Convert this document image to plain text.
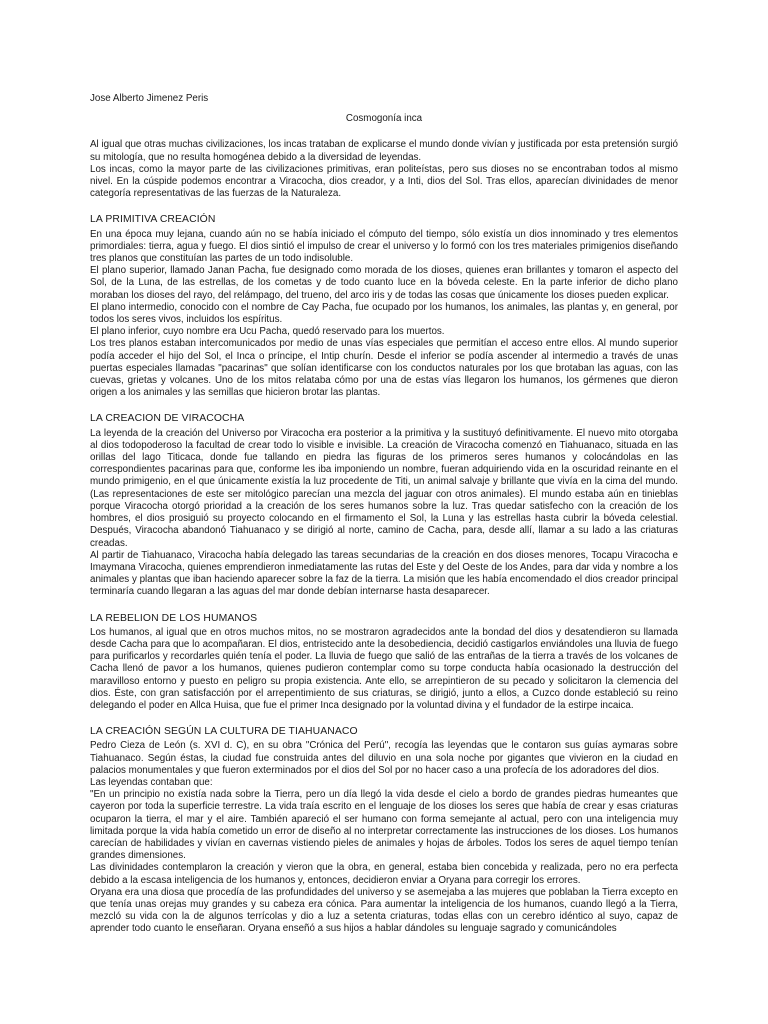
Jose Alberto Jimenez Peris

Cosmogonía inca

Al igual que otras muchas civilizaciones, los incas trataban de explicarse el mundo donde vivían y justificada por esta pretensión surgió su mitología, que no resulta homogénea debido a la diversidad de leyendas.

Los incas, como la mayor parte de las civilizaciones primitivas, eran politeístas, pero sus dioses no se encontraban todos al mismo nivel. En la cúspide podemos encontrar a Viracocha, dios creador, y a Inti, dios del Sol. Tras ellos, aparecían divinidades de menor categoría representativas de las fuerzas de la Naturaleza.

LA PRIMITIVA CREACIÓN

En una época muy lejana, cuando aún no se había iniciado el cómputo del tiempo, sólo existía un dios innominado y tres elementos primordiales: tierra, agua y fuego. El dios sintió el impulso de crear el universo y lo formó con los tres materiales primigenios diseñando tres planos que constituían las partes de un todo indisoluble.

El plano superior, llamado Janan Pacha, fue designado como morada de los dioses, quienes eran brillantes y tomaron el aspecto del Sol, de la Luna, de las estrellas, de los cometas y de todo cuanto luce en la bóveda celeste. En la parte inferior de dicho plano moraban los dioses del rayo, del relámpago, del trueno, del arco iris y de todas las cosas que únicamente los dioses pueden explicar.

El plano intermedio, conocido con el nombre de Cay Pacha, fue ocupado por los humanos, los animales, las plantas y, en general, por todos los seres vivos, incluidos los espíritus.

El plano inferior, cuyo nombre era Ucu Pacha, quedó reservado para los muertos.

Los tres planos estaban intercomunicados por medio de unas vías especiales que permitían el acceso entre ellos. Al mundo superior podía acceder el hijo del Sol, el Inca o príncipe, el Intip churín. Desde el inferior se podía ascender al intermedio a través de unas puertas especiales llamadas "pacarinas" que solían identificarse con los conductos naturales por los que brotaban las aguas, con las cuevas, grietas y volcanes. Uno de los mitos relataba cómo por una de estas vías llegaron los humanos, los gérmenes que dieron origen a los animales y las semillas que hicieron brotar las plantas.

LA CREACION DE VIRACOCHA

La leyenda de la creación del Universo por Viracocha era posterior a la primitiva y la sustituyó definitivamente. El nuevo mito otorgaba al dios todopoderoso la facultad de crear todo lo visible e invisible. La creación de Viracocha comenzó en Tiahuanaco, situada en las orillas del lago Titicaca, donde fue tallando en piedra las figuras de los primeros seres humanos y colocándolas en las correspondientes pacarinas para que, conforme les iba imponiendo un nombre, fueran adquiriendo vida en la oscuridad reinante en el mundo primigenio, en el que únicamente existía la luz procedente de Titi, un animal salvaje y brillante que vivía en la cima del mundo. (Las representaciones de este ser mitológico parecían una mezcla del jaguar con otros animales). El mundo estaba aún en tinieblas porque Viracocha otorgó prioridad a la creación de los seres humanos sobre la luz. Tras quedar satisfecho con la creación de los hombres, el dios prosiguió su proyecto colocando en el firmamento el Sol, la Luna y las estrellas hasta cubrir la bóveda celestial. Después, Viracocha abandonó Tiahuanaco y se dirigió al norte, camino de Cacha, para, desde allí, llamar a su lado a las criaturas creadas.

Al partir de Tiahuanaco, Viracocha había delegado las tareas secundarias de la creación en dos dioses menores, Tocapu Viracocha e Imaymana Viracocha, quienes emprendieron inmediatamente las rutas del Este y del Oeste de los Andes, para dar vida y nombre a los animales y plantas que iban haciendo aparecer sobre la faz de la tierra. La misión que les había encomendado el dios creador principal terminaría cuando llegaran a las aguas del mar donde debían internarse hasta desaparecer.

LA REBELION DE LOS HUMANOS

Los humanos, al igual que en otros muchos mitos, no se mostraron agradecidos ante la bondad del dios y desatendieron su llamada desde Cacha para que lo acompañaran. El dios, entristecido ante la desobediencia, decidió castigarlos enviándoles una lluvia de fuego para purificarlos y recordarles quién tenía el poder. La lluvia de fuego que salió de las entrañas de la tierra a través de los volcanes de Cacha llenó de pavor a los humanos, quienes pudieron contemplar como su torpe conducta había ocasionado la destrucción del maravilloso entorno y puesto en peligro su propia existencia. Ante ello, se arrepintieron de su pecado y solicitaron la clemencia del dios. Éste, con gran satisfacción por el arrepentimiento de sus criaturas, se dirigió, junto a ellos, a Cuzco donde estableció su reino delegando el poder en Allca Huisa, que fue el primer Inca designado por la voluntad divina y el fundador de la estirpe incaica.

LA CREACIÓN SEGÚN LA CULTURA DE TIAHUANACO

Pedro Cieza de León (s. XVI d. C), en su obra "Crónica del Perú", recogía las leyendas que le contaron sus guías aymaras sobre Tiahuanaco. Según éstas, la ciudad fue construida antes del diluvio en una sola noche por gigantes que vivieron en la ciudad en palacios monumentales y que fueron exterminados por el dios del Sol por no hacer caso a una profecía de los adoradores del dios.

Las leyendas contaban que:

"En un principio no existía nada sobre la Tierra, pero un día llegó la vida desde el cielo a bordo de grandes piedras humeantes que cayeron por toda la superficie terrestre. La vida traía escrito en el lenguaje de los dioses los seres que había de crear y esas criaturas ocuparon la tierra, el mar y el aire. También apareció el ser humano con forma semejante al actual, pero con una inteligencia muy limitada porque la vida había cometido un error de diseño al no interpretar correctamente las instrucciones de los dioses. Los humanos carecían de habilidades y vivían en cavernas vistiendo pieles de animales y hojas de árboles. Todos los seres de aquel tiempo tenían grandes dimensiones.

Las divinidades contemplaron la creación y vieron que la obra, en general, estaba bien concebida y realizada, pero no era perfecta debido a la escasa inteligencia de los humanos y, entonces, decidieron enviar a Oryana para corregir los errores.

Oryana era una diosa que procedía de las profundidades del universo y se asemejaba a las mujeres que poblaban la Tierra excepto en que tenía unas orejas muy grandes y su cabeza era cónica. Para aumentar la inteligencia de los humanos, cuando llegó a la Tierra, mezcló su vida con la de algunos terrícolas y dio a luz a setenta criaturas, todas ellas con un cerebro idéntico al suyo, capaz de aprender todo cuanto le enseñaran. Oryana enseñó a sus hijos a hablar dándoles su lenguaje sagrado y comunicándoles
